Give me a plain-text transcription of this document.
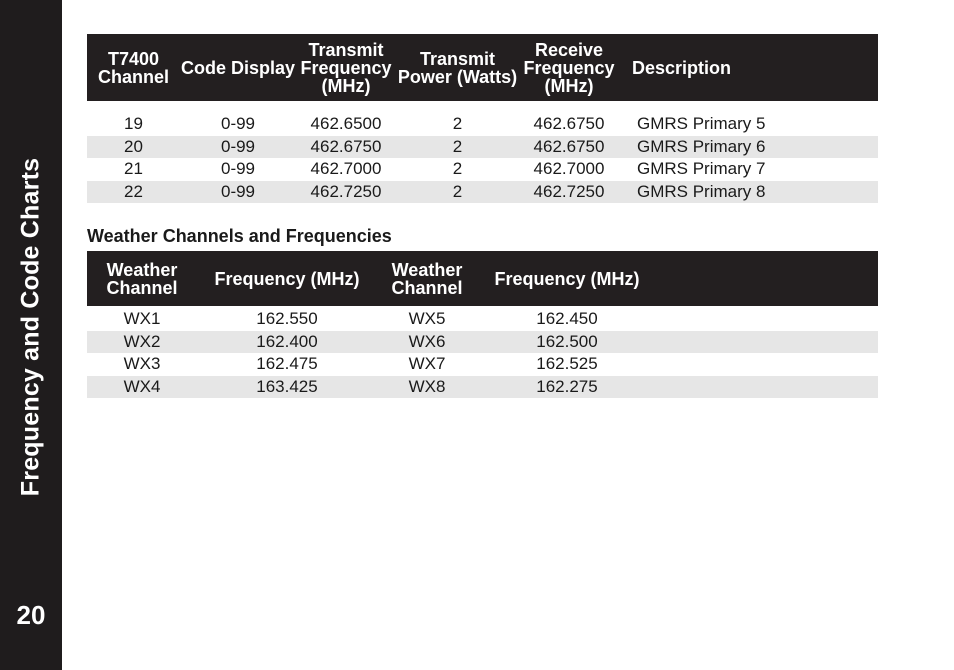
Frequency and Code Charts
20
T7400 Channel	Code Display	Transmit Frequency (MHz)	Transmit Power (Watts)	Receive Frequency (MHz)	Description

19	0-99	462.6500	2	462.6750	GMRS Primary 5
20	0-99	462.6750	2	462.6750	GMRS Primary 6
21	0-99	462.7000	2	462.7000	GMRS Primary 7
22	0-99	462.7250	2	462.7250	GMRS Primary 8
Weather Channels and Frequencies
Weather Channel	Frequency (MHz)	Weather Channel	Frequency (MHz)	

WX1	162.550	WX5	162.450	
WX2	162.400	WX6	162.500	
WX3	162.475	WX7	162.525	
WX4	163.425	WX8	162.275	
